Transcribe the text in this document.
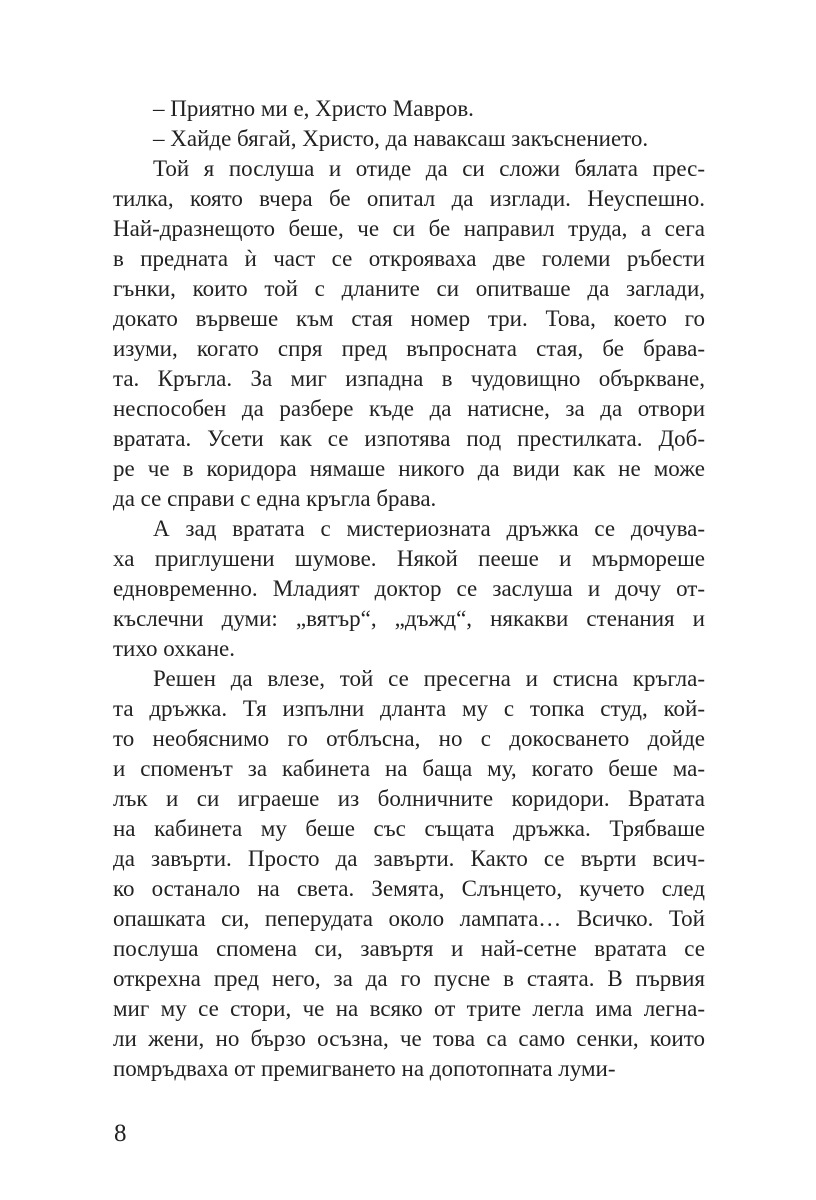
– Приятно ми е, Христо Мавров.
– Хайде бягай, Христо, да наваксаш закъснението.
Той я послуша и отиде да си сложи бялата прес-
тилка, която вчера бе опитал да изглади. Неуспешно.
Най-дразнещото беше, че си бе направил труда, а сега
в предната ѝ част се открояваха две големи ръбести
гънки, които той с дланите си опитваше да заглади,
докато вървеше към стая номер три. Това, което го
изуми, когато спря пред въпросната стая, бе брава-
та. Кръгла. За миг изпадна в чудовищно объркване,
неспособен да разбере къде да натисне, за да отвори
вратата. Усети как се изпотява под престилката. Доб-
ре че в коридора нямаше никого да види как не може
да се справи с една кръгла брава.
А зад вратата с мистериозната дръжка се дочува-
ха приглушени шумове. Някой пееше и мърмореше
едновременно. Младият доктор се заслуша и дочу от-
къслечни думи: „вятър“, „дъжд“, някакви стенания и
тихо охкане.
Решен да влезе, той се пресегна и стисна кръгла-
та дръжка. Тя изпълни дланта му с топка студ, кой-
то необяснимо го отблъсна, но с докосването дойде
и споменът за кабинета на баща му, когато беше ма-
лък и си играеше из болничните коридори. Вратата
на кабинета му беше със същата дръжка. Трябваше
да завърти. Просто да завърти. Както се върти всич-
ко останало на света. Земята, Слънцето, кучето след
опашката си, пеперудата около лампата… Всичко. Той
послуша спомена си, завъртя и най-сетне вратата се
открехна пред него, за да го пусне в стаята. В първия
миг му се стори, че на всяко от трите легла има легна-
ли жени, но бързо осъзна, че това са само сенки, които
помръдваха от премигването на допотопната луми-
8
